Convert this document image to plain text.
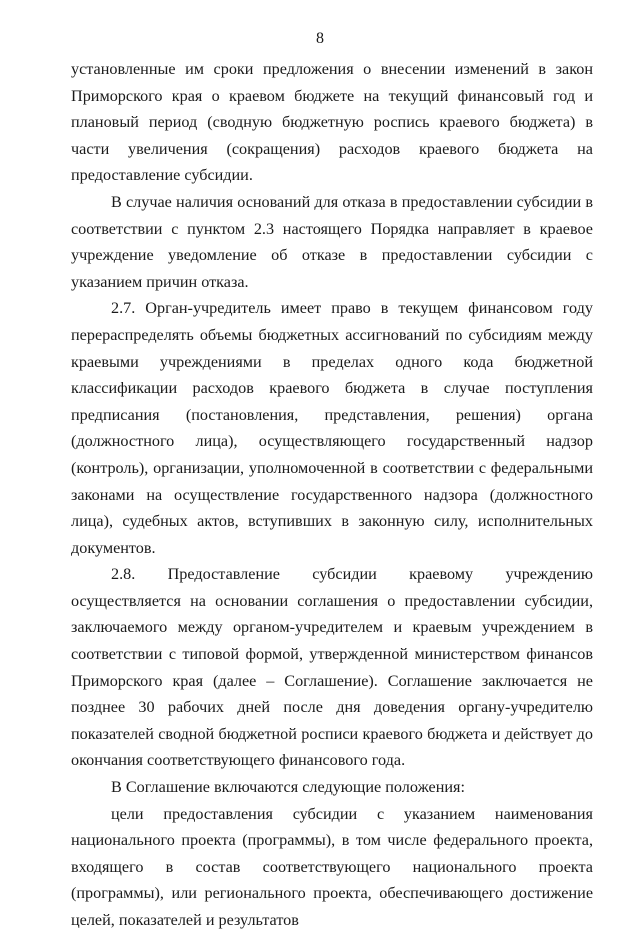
8

установленные им сроки предложения о внесении изменений в закон Приморского края о краевом бюджете на текущий финансовый год и плановый период (сводную бюджетную роспись краевого бюджета) в части увеличения (сокращения) расходов краевого бюджета на предоставление субсидии.

В случае наличия оснований для отказа в предоставлении субсидии в соответствии с пунктом 2.3 настоящего Порядка направляет в краевое учреждение уведомление об отказе в предоставлении субсидии с указанием причин отказа.

2.7. Орган-учредитель имеет право в текущем финансовом году перераспределять объемы бюджетных ассигнований по субсидиям между краевыми учреждениями в пределах одного кода бюджетной классификации расходов краевого бюджета в случае поступления предписания (постановления, представления, решения) органа (должностного лица), осуществляющего государственный надзор (контроль), организации, уполномоченной в соответствии с федеральными законами на осуществление государственного надзора (должностного лица), судебных актов, вступивших в законную силу, исполнительных документов.

2.8. Предоставление субсидии краевому учреждению осуществляется на основании соглашения о предоставлении субсидии, заключаемого между органом-учредителем и краевым учреждением в соответствии с типовой формой, утвержденной министерством финансов Приморского края (далее – Соглашение). Соглашение заключается не позднее 30 рабочих дней после дня доведения органу-учредителю показателей сводной бюджетной росписи краевого бюджета и действует до окончания соответствующего финансового года.

В Соглашение включаются следующие положения:

цели предоставления субсидии с указанием наименования национального проекта (программы), в том числе федерального проекта, входящего в состав соответствующего национального проекта (программы), или регионального проекта, обеспечивающего достижение целей, показателей и результатов
